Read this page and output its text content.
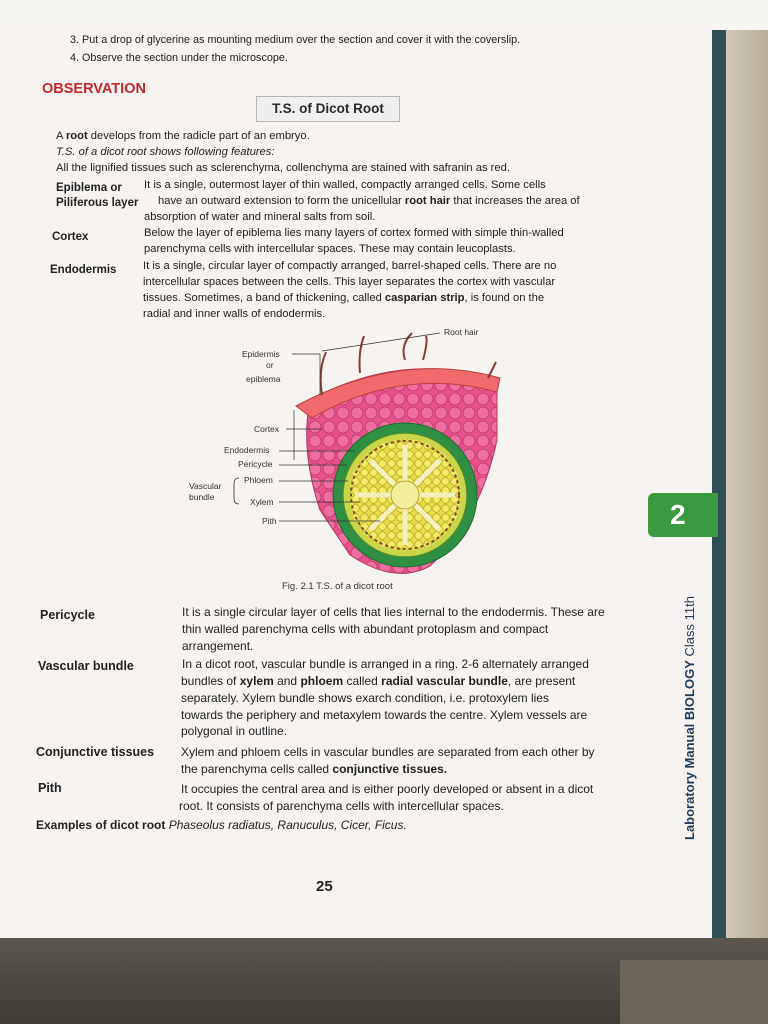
3. Put a drop of glycerine as mounting medium over the section and cover it with the coverslip.
4. Observe the section under the microscope.
OBSERVATION
T.S. of Dicot Root
A root develops from the radicle part of an embryo.
T.S. of a dicot root shows following features:
All the lignified tissues such as sclerenchyma, collenchyma are stained with safranin as red.
Epiblema or
Piliferous layer
It is a single, outermost layer of thin walled, compactly arranged cells. Some cells
have an outward extension to form the unicellular root hair that increases the area of
absorption of water and mineral salts from soil.
Cortex	Below the layer of epiblema lies many layers of cortex formed with simple thin-walled
parenchyma cells with intercellular spaces. These may contain leucoplasts.
Endodermis It is a single, circular layer of compactly arranged, barrel-shaped cells. There are no
intercellular spaces between the cells. This layer separates the cortex with vascular
tissues. Sometimes, a band of thickening, called casparian strip, is found on the
radial and inner walls of endodermis.
Root hair
Epidermis
or
epiblema
Cortex
Endodermis
Pericycle
Vascular
bundle
Phloem
Xylem
Pith
Fig. 2.1 T.S. of a dicot root
Pericycle	It is a single circular layer of cells that lies internal to the endodermis. These are
thin walled parenchyma cells with abundant protoplasm and compact
arrangement.
Vascular bundle	In a dicot root, vascular bundle is arranged in a ring. 2-6 alternately arranged
bundles of xylem and phloem called radial vascular bundle, are present
separately. Xylem bundle shows exarch condition, i.e. protoxylem lies
towards the periphery and metaxylem towards the centre. Xylem vessels are
polygonal in outline.
Conjunctive tissues Xylem and phloem cells in vascular bundles are separated from each other by
the parenchyma cells called conjunctive tissues.
Pith	It occupies the central area and is either poorly developed or absent in a dicot
root. It consists of parenchyma cells with intercellular spaces.
Examples of dicot root Phaseolus radiatus, Ranuculus, Cicer, Ficus.
2
Laboratory Manual BIOLOGY Class 11th
25
